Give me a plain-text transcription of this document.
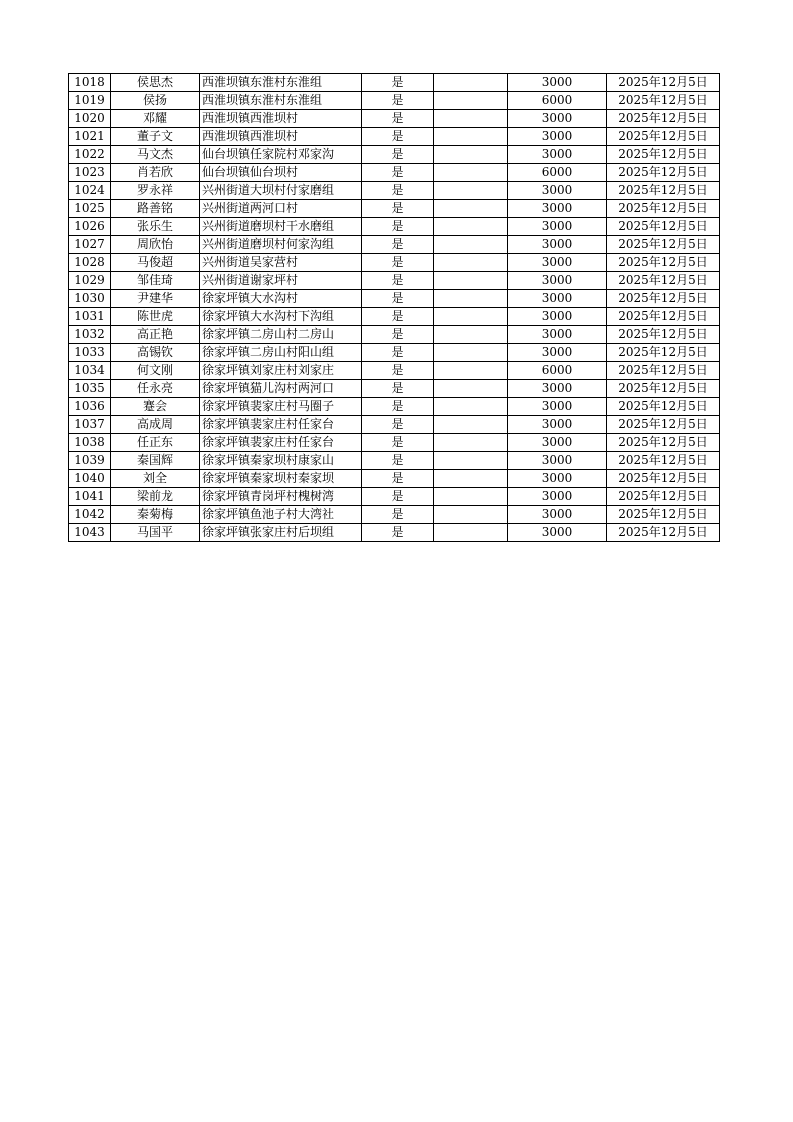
1018	侯思杰	西淮坝镇东淮村东淮组	是		3000	2025年12月5日
1019	侯扬	西淮坝镇东淮村东淮组	是		6000	2025年12月5日
1020	邓耀	西淮坝镇西淮坝村	是		3000	2025年12月5日
1021	董子文	西淮坝镇西淮坝村	是		3000	2025年12月5日
1022	马文杰	仙台坝镇任家院村邓家沟	是		3000	2025年12月5日
1023	肖若欣	仙台坝镇仙台坝村	是		6000	2025年12月5日
1024	罗永祥	兴州街道大坝村付家磨组	是		3000	2025年12月5日
1025	路善铭	兴州街道两河口村	是		3000	2025年12月5日
1026	张乐生	兴州街道磨坝村干水磨组	是		3000	2025年12月5日
1027	周欣怡	兴州街道磨坝村何家沟组	是		3000	2025年12月5日
1028	马俊超	兴州街道吴家营村	是		3000	2025年12月5日
1029	邹佳琦	兴州街道谢家坪村	是		3000	2025年12月5日
1030	尹建华	徐家坪镇大水沟村	是		3000	2025年12月5日
1031	陈世虎	徐家坪镇大水沟村下沟组	是		3000	2025年12月5日
1032	高正艳	徐家坪镇二房山村二房山	是		3000	2025年12月5日
1033	高锡钦	徐家坪镇二房山村阳山组	是		3000	2025年12月5日
1034	何文刚	徐家坪镇刘家庄村刘家庄	是		6000	2025年12月5日
1035	任永亮	徐家坪镇猫儿沟村两河口	是		3000	2025年12月5日
1036	蹇会	徐家坪镇裴家庄村马圈子	是		3000	2025年12月5日
1037	高成周	徐家坪镇裴家庄村任家台	是		3000	2025年12月5日
1038	任正东	徐家坪镇裴家庄村任家台	是		3000	2025年12月5日
1039	秦国辉	徐家坪镇秦家坝村康家山	是		3000	2025年12月5日
1040	刘全	徐家坪镇秦家坝村秦家坝	是		3000	2025年12月5日
1041	梁前龙	徐家坪镇青岗坪村槐树湾	是		3000	2025年12月5日
1042	秦菊梅	徐家坪镇鱼池子村大湾社	是		3000	2025年12月5日
1043	马国平	徐家坪镇张家庄村后坝组	是		3000	2025年12月5日
